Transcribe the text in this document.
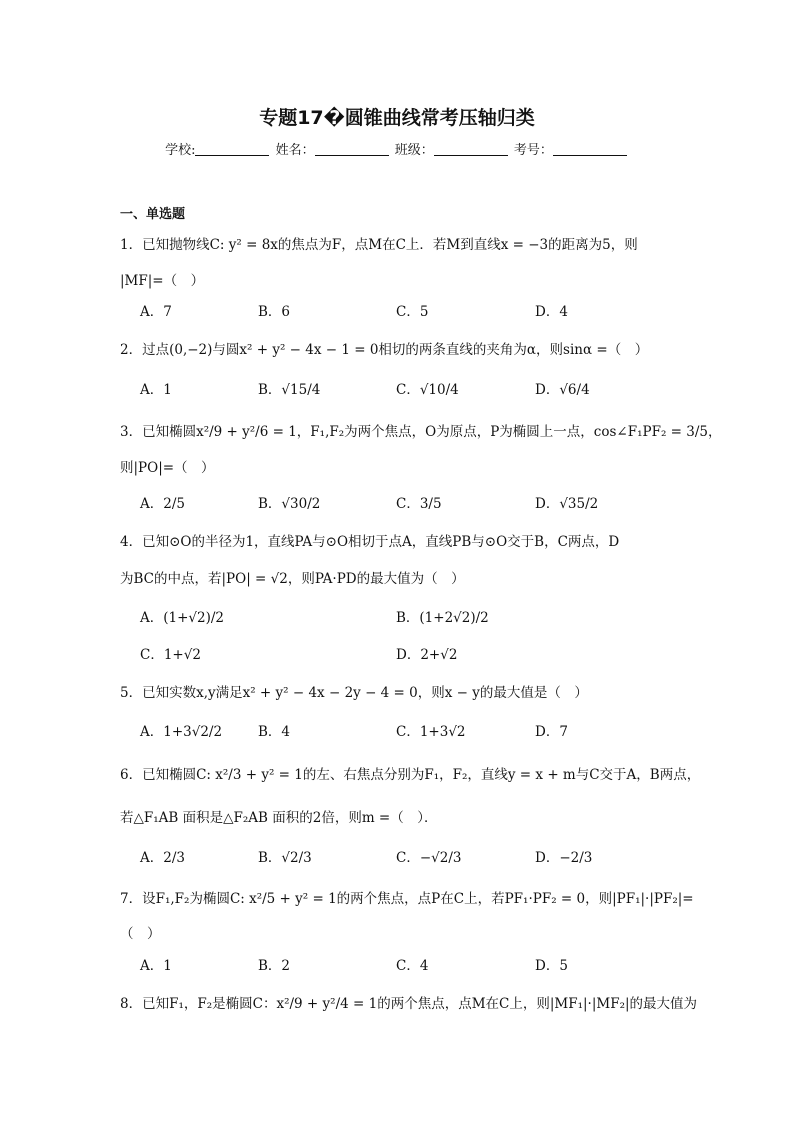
专题17�圆锥曲线常考压轴归类
学校:	姓名：	班级：	考号：
一、单选题
1．已知抛物线C: y² = 8x的焦点为F，点M在C上．若M到直线x = −3的距离为5，则
|MF|=（　）
A．7	B．6	C．5	D．4
2．过点(0,−2)与圆x² + y² − 4x − 1 = 0相切的两条直线的夹角为α，则sinα =（　）
A．1	B．√15/4	C．√10/4	D．√6/4
3．已知椭圆x²/9 + y²/6 = 1，F₁,F₂为两个焦点，O为原点，P为椭圆上一点，cos∠F₁PF₂ = 3/5，
则|PO|=（　）
A．2/5	B．√30/2	C．3/5	D．√35/2
4．已知⊙O的半径为1，直线PA与⊙O相切于点A，直线PB与⊙O交于B，C两点，D
为BC的中点，若|PO| = √2，则PA·PD的最大值为（　）
A．(1+√2)/2	B．(1+2√2)/2
C．1+√2	D．2+√2
5．已知实数x,y满足x² + y² − 4x − 2y − 4 = 0，则x − y的最大值是（　）
A．1+3√2/2	B．4	C．1+3√2	D．7
6．已知椭圆C: x²/3 + y² = 1的左、右焦点分别为F₁，F₂，直线y = x + m与C交于A，B两点，
若△F₁AB 面积是△F₂AB 面积的2倍，则m =（　）．
A．2/3	B．√2/3	C．−√2/3	D．−2/3
7．设F₁,F₂为椭圆C: x²/5 + y² = 1的两个焦点，点P在C上，若PF₁·PF₂ = 0，则|PF₁|·|PF₂|=
（　）
A．1	B．2	C．4	D．5
8．已知F₁，F₂是椭圆C：x²/9 + y²/4 = 1的两个焦点，点M在C上，则|MF₁|·|MF₂|的最大值为
